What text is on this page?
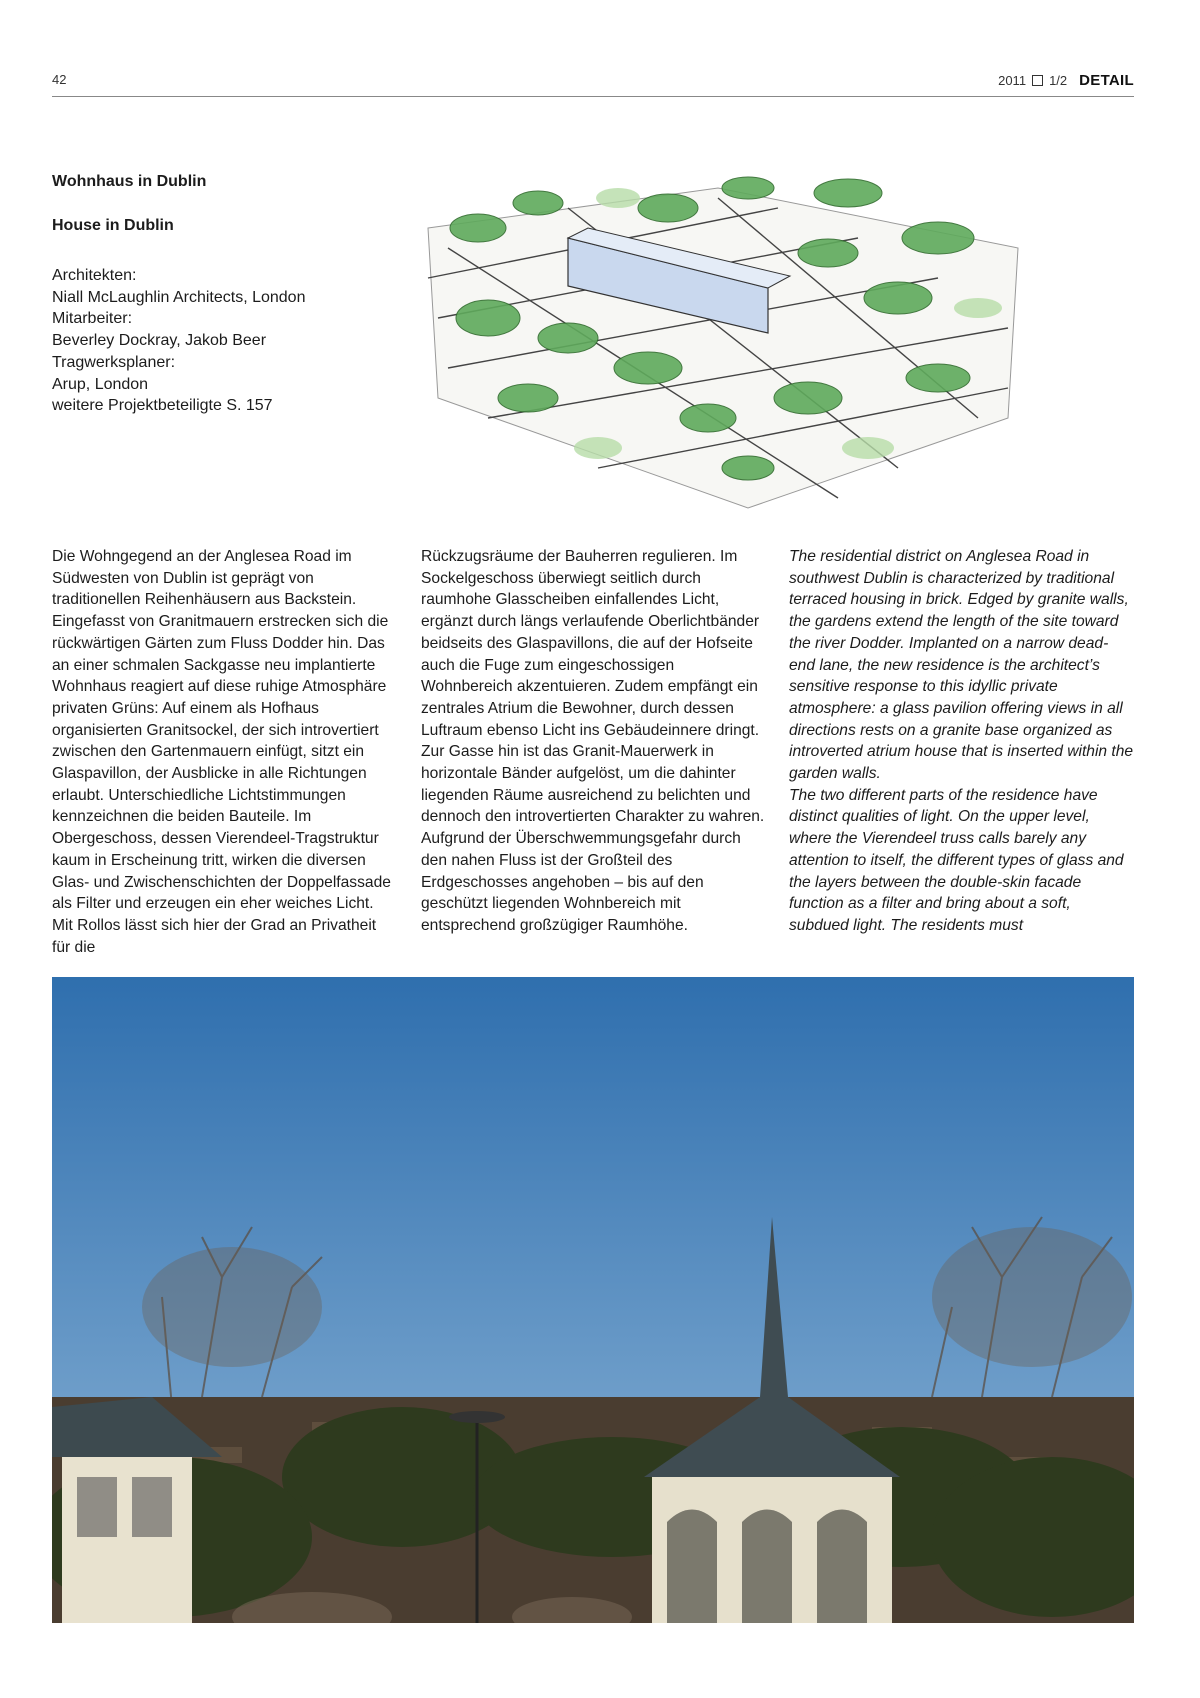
42	2011 1/2 DETAIL
Wohnhaus in Dublin
House in Dublin
Architekten:
Niall McLaughlin Architects, London
Mitarbeiter:
Beverley Dockray, Jakob Beer
Tragwerksplaner:
Arup, London
weitere Projektbeteiligte S. 157

Die Wohngegend an der Anglesea Road im Südwesten von Dublin ist geprägt von traditionellen Reihenhäusern aus Backstein. Eingefasst von Granitmauern erstrecken sich die rückwärtigen Gärten zum Fluss Dodder hin. Das an einer schmalen Sackgasse neu implantierte Wohnhaus reagiert auf diese ruhige Atmosphäre privaten Grüns: Auf einem als Hofhaus organisierten Granitsockel, der sich introvertiert zwischen den Gartenmauern einfügt, sitzt ein Glaspavillon, der Ausblicke in alle Richtungen erlaubt. Unterschiedliche Lichtstimmungen kennzeichnen die beiden Bauteile. Im Obergeschoss, dessen Vierendeel-Tragstruktur kaum in Erscheinung tritt, wirken die diversen Glas- und Zwischenschichten der Doppelfassade als Filter und erzeugen ein eher weiches Licht. Mit Rollos lässt sich hier der Grad an Privatheit für die

Rückzugsräume der Bauherren regulieren. Im Sockelgeschoss überwiegt seitlich durch raumhohe Glasscheiben einfallendes Licht, ergänzt durch längs verlaufende Oberlichtbänder beidseits des Glaspavillons, die auf der Hofseite auch die Fuge zum eingeschossigen Wohnbereich akzentuieren. Zudem empfängt ein zentrales Atrium die Bewohner, durch dessen Luftraum ebenso Licht ins Gebäudeinnere dringt. Zur Gasse hin ist das Granit-Mauerwerk in horizontale Bänder aufgelöst, um die dahinter liegenden Räume ausreichend zu belichten und dennoch den introvertierten Charakter zu wahren.

Aufgrund der Überschwemmungsgefahr durch den nahen Fluss ist der Großteil des Erdgeschosses angehoben – bis auf den geschützt liegenden Wohnbereich mit entsprechend großzügiger Raumhöhe.

The residential district on Anglesea Road in southwest Dublin is characterized by traditional terraced housing in brick. Edged by granite walls, the gardens extend the length of the site toward the river Dodder. Implanted on a narrow dead-end lane, the new residence is the architect’s sensitive response to this idyllic private atmosphere: a glass pavilion offering views in all directions rests on a granite base organized as introverted atrium house that is inserted within the garden walls.

The two different parts of the residence have distinct qualities of light. On the upper level, where the Vierendeel truss calls barely any attention to itself, the different types of glass and the layers between the double-skin facade function as a filter and bring about a soft, subdued light. The residents must
